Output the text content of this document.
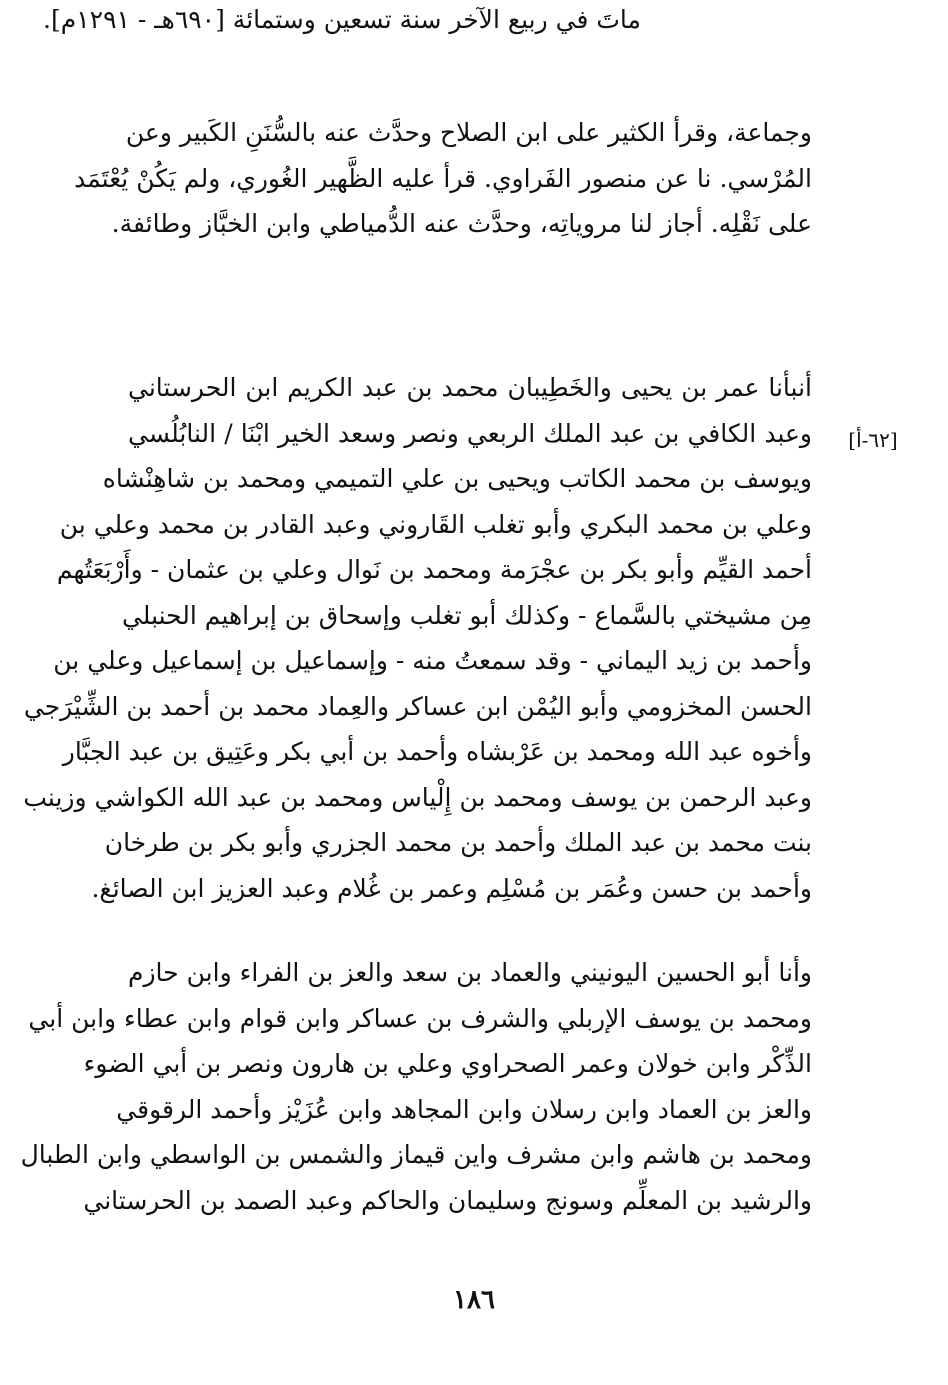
وجماعة، وقرأ الكثير على ابن الصلاح وحدَّث عنه بالسُّنَنِ الكَبير وعن
المُرْسي. نا عن منصور الفَراوي. قرأ عليه الظَّهير الغُوري، ولم يَكُنْ يُعْتَمَد
على نَقْلِه. أجاز لنا مروياتِه، وحدَّث عنه الدُّمياطي وابن الخبَّاز وطائفة.
ماتَ في ربيع الآخر سنة تسعين وستمائة [٦٩٠هـ - ١٢٩١م].
أنبأنا عمر بن يحيى والخَطِيبان محمد بن عبد الكريم ابن الحرستاني
وعبد الكافي بن عبد الملك الربعي ونصر وسعد الخير ابْنَا / النابُلُسي
ويوسف بن محمد الكاتب ويحيى بن علي التميمي ومحمد بن شاهِنْشاه
وعلي بن محمد البكري وأبو تغلب القَاروني وعبد القادر بن محمد وعلي بن
أحمد القيِّم وأبو بكر بن عجْرَمة ومحمد بن نَوال وعلي بن عثمان - وأَرْبَعَتُهم
مِن مشيختي بالسَّماع - وكذلك أبو تغلب وإسحاق بن إبراهيم الحنبلي
وأحمد بن زيد اليماني - وقد سمعتُ منه - وإسماعيل بن إسماعيل وعلي بن
الحسن المخزومي وأبو اليُمْن ابن عساكر والعِماد محمد بن أحمد بن الشِّيْرَجي
وأخوه عبد الله ومحمد بن عَرْبشاه وأحمد بن أبي بكر وعَتِيق بن عبد الجبَّار
وعبد الرحمن بن يوسف ومحمد بن إِلْياس ومحمد بن عبد الله الكواشي وزينب
بنت محمد بن عبد الملك وأحمد بن محمد الجزري وأبو بكر بن طرخان
وأحمد بن حسن وعُمَر بن مُسْلِم وعمر بن غُلام وعبد العزيز ابن الصائغ.
[٦٢-أ]
وأنا أبو الحسين اليونيني والعماد بن سعد والعز بن الفراء وابن حازم
ومحمد بن يوسف الإربلي والشرف بن عساكر وابن قوام وابن عطاء وابن أبي
الذِّكْر وابن خولان وعمر الصحراوي وعلي بن هارون ونصر بن أبي الضوء
والعز بن العماد وابن رسلان وابن المجاهد وابن عُزَيْز وأحمد الرقوقي
ومحمد بن هاشم وابن مشرف واين قيماز والشمس بن الواسطي وابن الطبال
والرشيد بن المعلِّم وسونج وسليمان والحاكم وعبد الصمد بن الحرستاني
١٨٦
